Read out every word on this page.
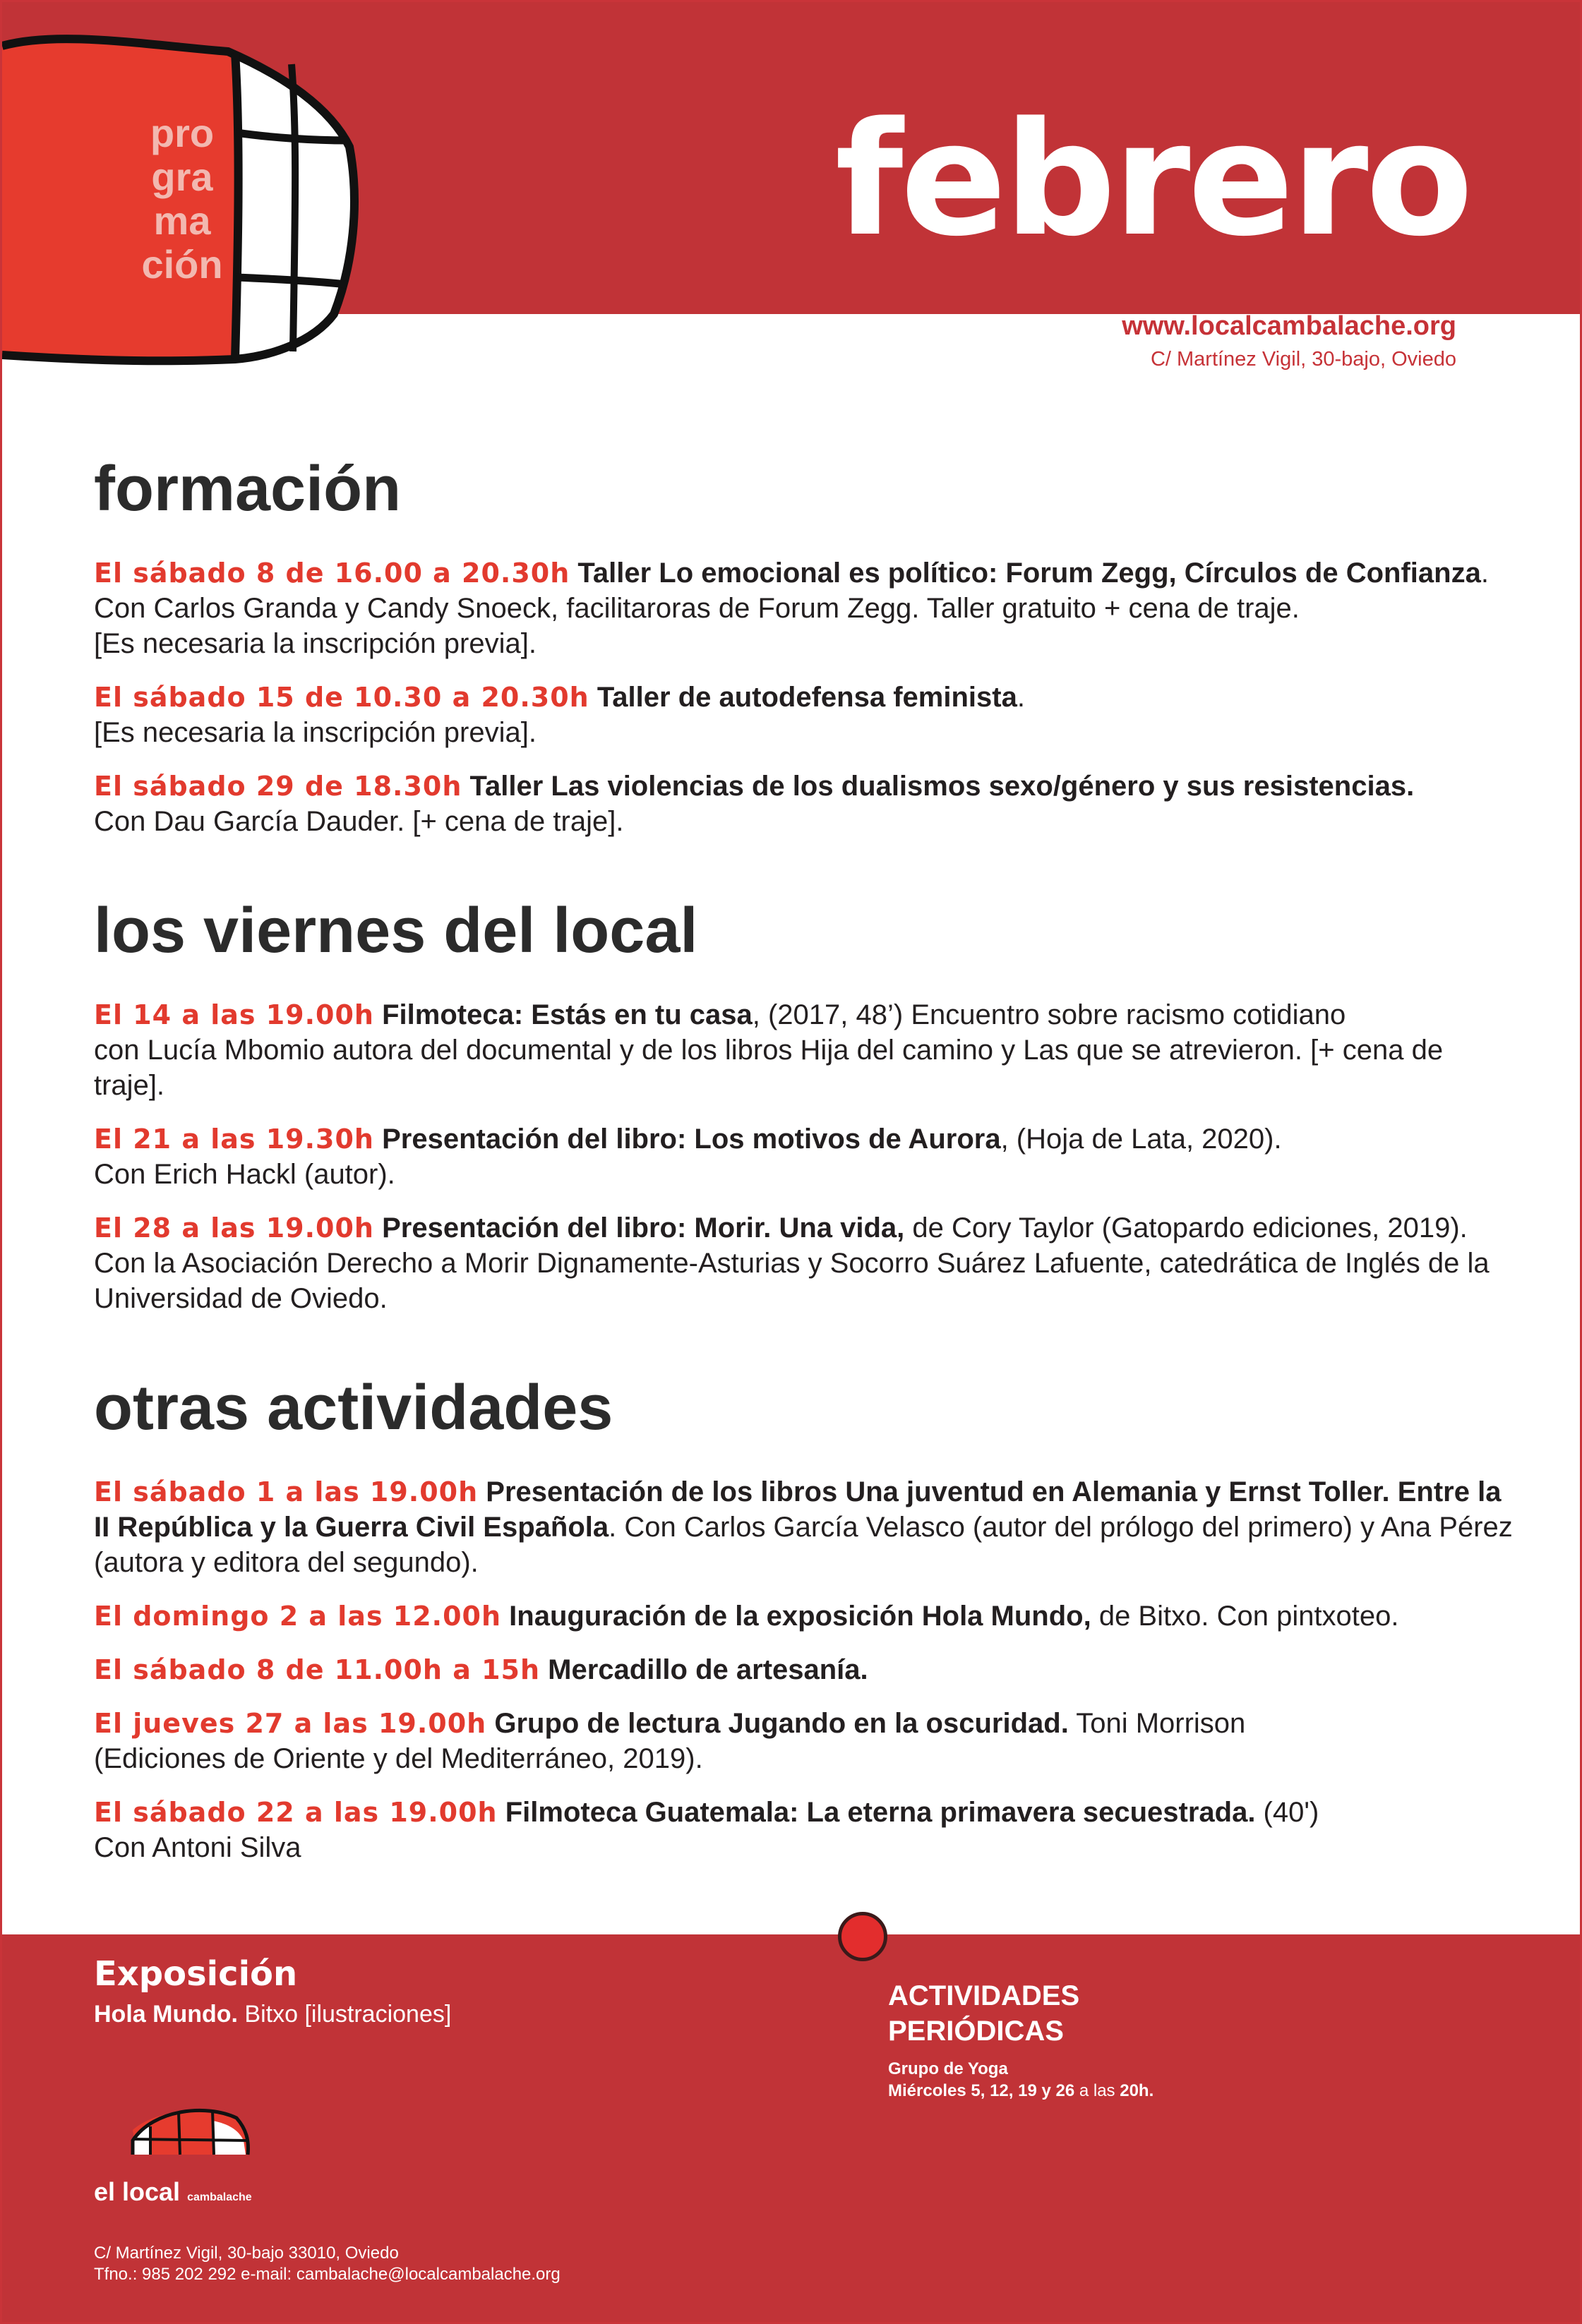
pro
gra
ma
ción	febrero

www.localcambalache.org

C/ Martínez Vigil, 30-bajo, Oviedo

formación

El sábado 8 de 16.00 a 20.30h Taller Lo emocional es político: Forum Zegg, Círculos de Confianza. Con Carlos Granda y Candy Snoeck, facilitaroras de Forum Zegg. Taller gratuito + cena de traje.
[Es necesaria la inscripción previa].

El sábado 15 de 10.30 a 20.30h Taller de autodefensa feminista.
[Es necesaria la inscripción previa].

El sábado 29 de 18.30h Taller Las violencias de los dualismos sexo/género y sus resistencias.
Con Dau García Dauder. [+ cena de traje].

los viernes del local

El 14 a las 19.00h Filmoteca: Estás en tu casa, (2017, 48’) Encuentro sobre racismo cotidiano
con Lucía Mbomio autora del documental y de los libros Hija del camino y Las que se atrevieron. [+ cena de traje].

El 21 a las 19.30h Presentación del libro: Los motivos de Aurora, (Hoja de Lata, 2020).
Con Erich Hackl (autor).

El 28 a las 19.00h Presentación del libro: Morir. Una vida, de Cory Taylor (Gatopardo ediciones, 2019).
Con la Asociación Derecho a Morir Dignamente-Asturias y Socorro Suárez Lafuente, catedrática de Inglés de la Universidad de Oviedo.

otras actividades

El sábado 1 a las 19.00h Presentación de los libros Una juventud en Alemania y Ernst Toller. Entre la II República y la Guerra Civil Española. Con Carlos García Velasco (autor del prólogo del primero) y Ana Pérez
(autora y editora del segundo).

El domingo 2 a las 12.00h Inauguración de la exposición Hola Mundo, de Bitxo. Con pintxoteo.

El sábado 8 de 11.00h a 15h Mercadillo de artesanía.

El jueves 27 a las 19.00h Grupo de lectura Jugando en la oscuridad. Toni Morrison
(Ediciones de Oriente y del Mediterráneo, 2019).

El sábado 22 a las 19.00h Filmoteca Guatemala: La eterna primavera secuestrada. (40')
Con Antoni Silva

Exposición

Hola Mundo. Bitxo [ilustraciones]

ACTIVIDADES PERIÓDICAS

Grupo de Yoga

Miércoles 5, 12, 19 y 26 a las 20h.

el local cambalache

C/ Martínez Vigil, 30-bajo 33010, Oviedo

Tfno.: 985 202 292 e-mail: cambalache@localcambalache.org
